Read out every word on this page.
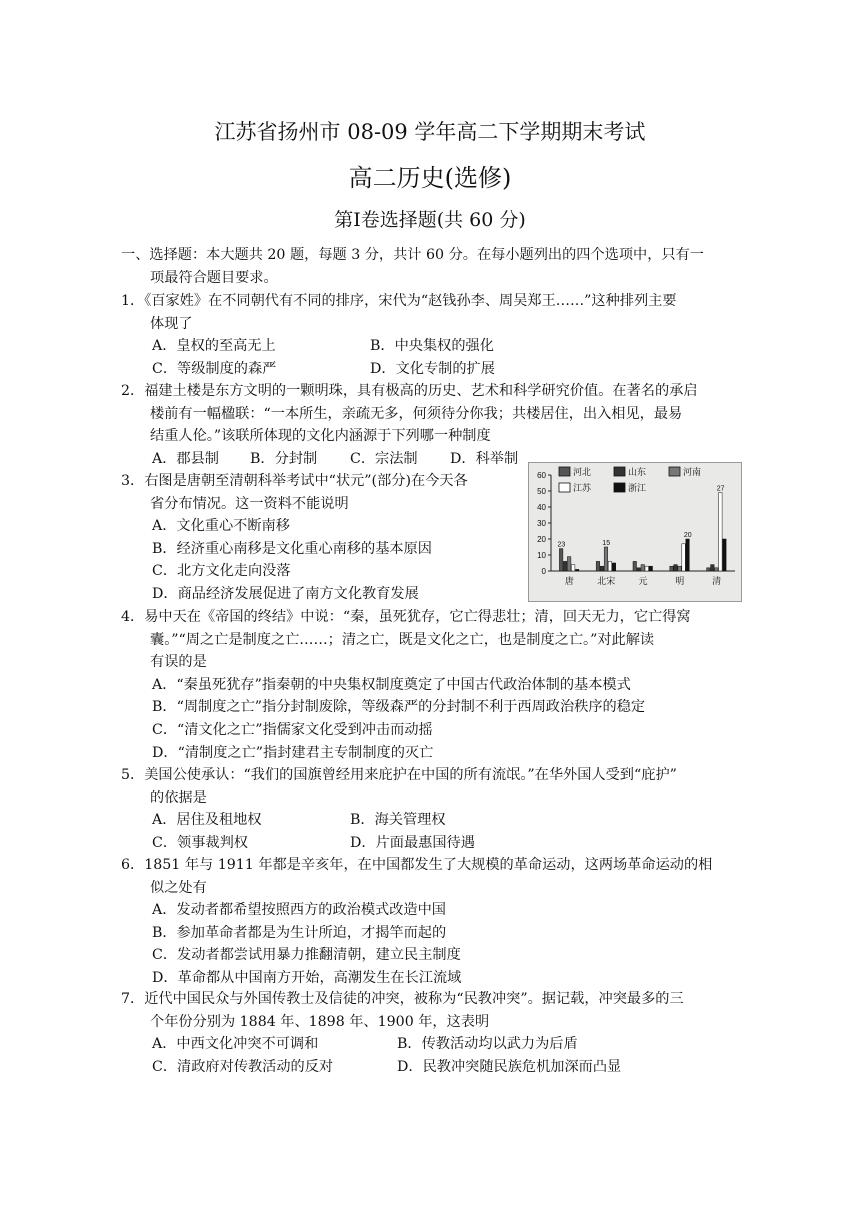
江苏省扬州市 08-09 学年高二下学期期末考试
高二历史(选修)
第Ⅰ卷选择题(共 60 分)
一、选择题：本大题共 20 题，每题 3 分，共计 60 分。在每小题列出的四个选项中，只有一
项最符合题目要求。
1．《百家姓》在不同朝代有不同的排序，宋代为“赵钱孙李、周吴郑王……”这种排列主要
体现了
A．皇权的至高无上	B．中央集权的强化
C．等级制度的森严	D．文化专制的扩展
2．福建土楼是东方文明的一颗明珠，具有极高的历史、艺术和科学研究价值。在著名的承启
楼前有一幅楹联：“一本所生，亲疏无多，何须待分你我；共楼居住，出入相见，最易
结重人伦。”该联所体现的文化内涵源于下列哪一种制度
A．郡县制 B．分封制 C．宗法制 D．科举制
3．右图是唐朝至清朝科举考试中“状元”(部分)在今天各
省分布情况。这一资料不能说明
A．文化重心不断南移
B．经济重心南移是文化重心南移的基本原因
C．北方文化走向没落
D．商品经济发展促进了南方文化教育发展
4．易中天在《帝国的终结》中说：“秦，虽死犹存，它亡得悲壮；清，回天无力，它亡得窝
囊。”“周之亡是制度之亡……；清之亡，既是文化之亡，也是制度之亡。”对此解读
有误的是
A．“秦虽死犹存”指秦朝的中央集权制度奠定了中国古代政治体制的基本模式
B．“周制度之亡”指分封制废除，等级森严的分封制不利于西周政治秩序的稳定
C．“清文化之亡”指儒家文化受到冲击而动摇
D．“清制度之亡”指封建君主专制制度的灭亡
5．美国公使承认：“我们的国旗曾经用来庇护在中国的所有流氓。”在华外国人受到“庇护”
的依据是
A．居住及租地权	B．海关管理权
C．领事裁判权	D．片面最惠国待遇
6．1851 年与 1911 年都是辛亥年，在中国都发生了大规模的革命运动，这两场革命运动的相
似之处有
A．发动者都希望按照西方的政治模式改造中国
B．参加革命者都是为生计所迫，才揭竿而起的
C．发动者都尝试用暴力推翻清朝，建立民主制度
D．革命都从中国南方开始，高潮发生在长江流域
7．近代中国民众与外国传教士及信徒的冲突，被称为“民教冲突”。据记载，冲突最多的三
个年份分别为 1884 年、1898 年、1900 年，这表明
A．中西文化冲突不可调和	B．传教活动均以武力为后盾
C．清政府对传教活动的反对	D．民教冲突随民族危机加深而凸显
60
50
40
30
20
10
0
河北	山东	河南
江苏	浙江
唐	北宋	元	明	清
23	15
20
27
